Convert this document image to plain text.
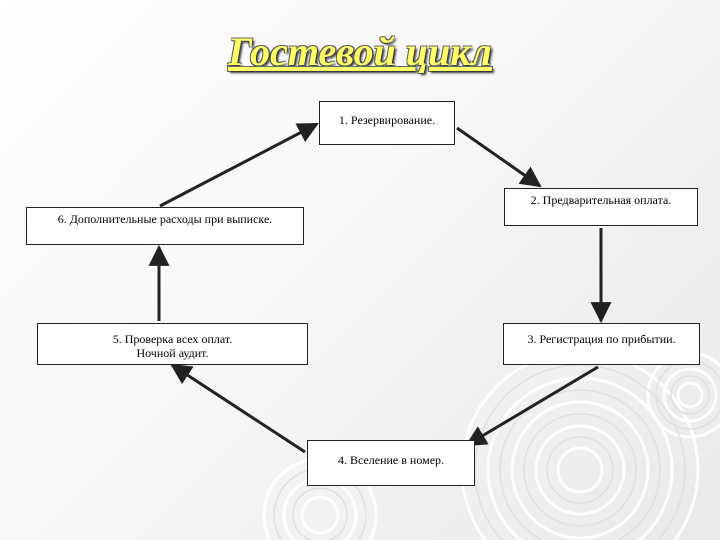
Гостевой цикл
1. Резервирование.
2. Предварительная оплата.
6. Дополнительные расходы при выписке.
5. Проверка всех оплат.
Ночной аудит.
3. Регистрация по прибытии.
4. Вселение в номер.
